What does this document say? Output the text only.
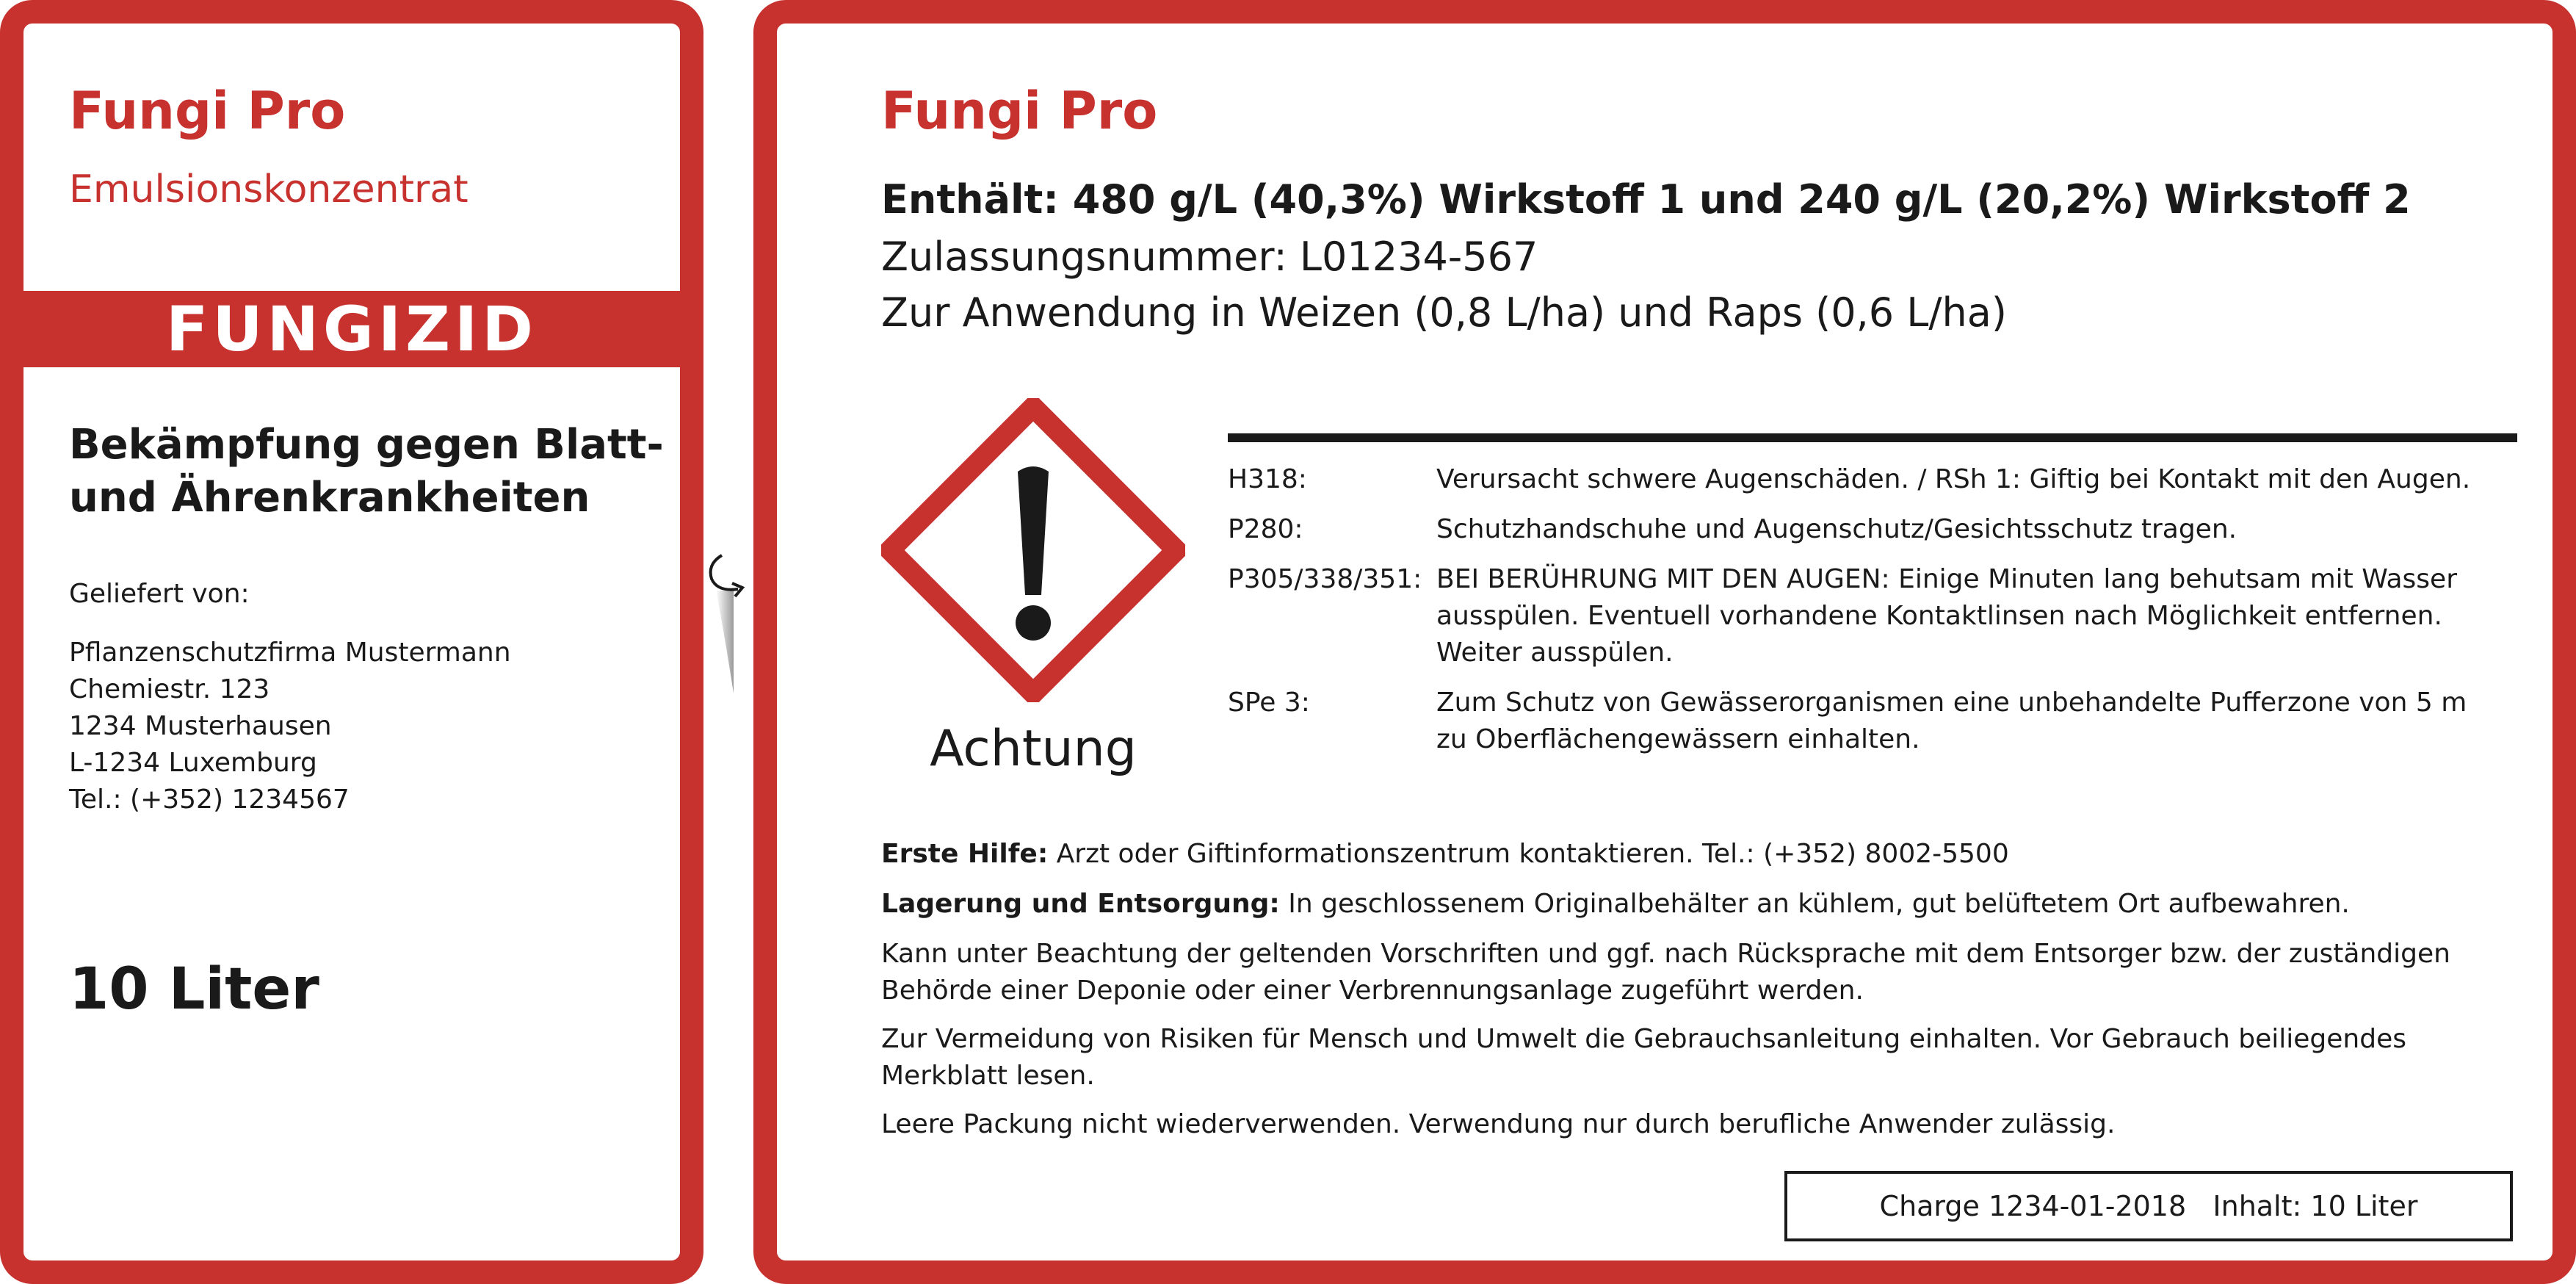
Fungi Pro
Emulsionskonzentrat
FUNGIZID
Bekämpfung gegen Blatt-
und Ährenkrankheiten
Geliefert von:
Pflanzenschutzfirma Mustermann
Chemiestr. 123
1234 Musterhausen
L-1234 Luxemburg
Tel.: (+352) 1234567
10 Liter
Fungi Pro
Enthält: 480 g/L (40,3%) Wirkstoff 1 und 240 g/L (20,2%) Wirkstoff 2
Zulassungsnummer: L01234-567
Zur Anwendung in Weizen (0,8 L/ha) und Raps (0,6 L/ha)
Achtung
H318:	Verursacht schwere Augenschäden. / RSh 1: Giftig bei Kontakt mit den Augen.
P280:	Schutzhandschuhe und Augenschutz/Gesichtsschutz tragen.
P305/338/351: BEI BERÜHRUNG MIT DEN AUGEN: Einige Minuten lang behutsam mit Wasser
ausspülen. Eventuell vorhandene Kontaktlinsen nach Möglichkeit entfernen.
Weiter ausspülen.
SPe 3:	Zum Schutz von Gewässerorganismen eine unbehandelte Pufferzone von 5 m
zu Oberflächengewässern einhalten.
Erste Hilfe: Arzt oder Giftinformationszentrum kontaktieren. Tel.: (+352) 8002-5500
Lagerung und Entsorgung: In geschlossenem Originalbehälter an kühlem, gut belüftetem Ort aufbewahren.
Kann unter Beachtung der geltenden Vorschriften und ggf. nach Rücksprache mit dem Entsorger bzw. der zuständigen
Behörde einer Deponie oder einer Verbrennungsanlage zugeführt werden.
Zur Vermeidung von Risiken für Mensch und Umwelt die Gebrauchsanleitung einhalten. Vor Gebrauch beiliegendes
Merkblatt lesen.
Leere Packung nicht wiederverwenden. Verwendung nur durch berufliche Anwender zulässig.
Charge 1234-01-2018   Inhalt: 10 Liter
